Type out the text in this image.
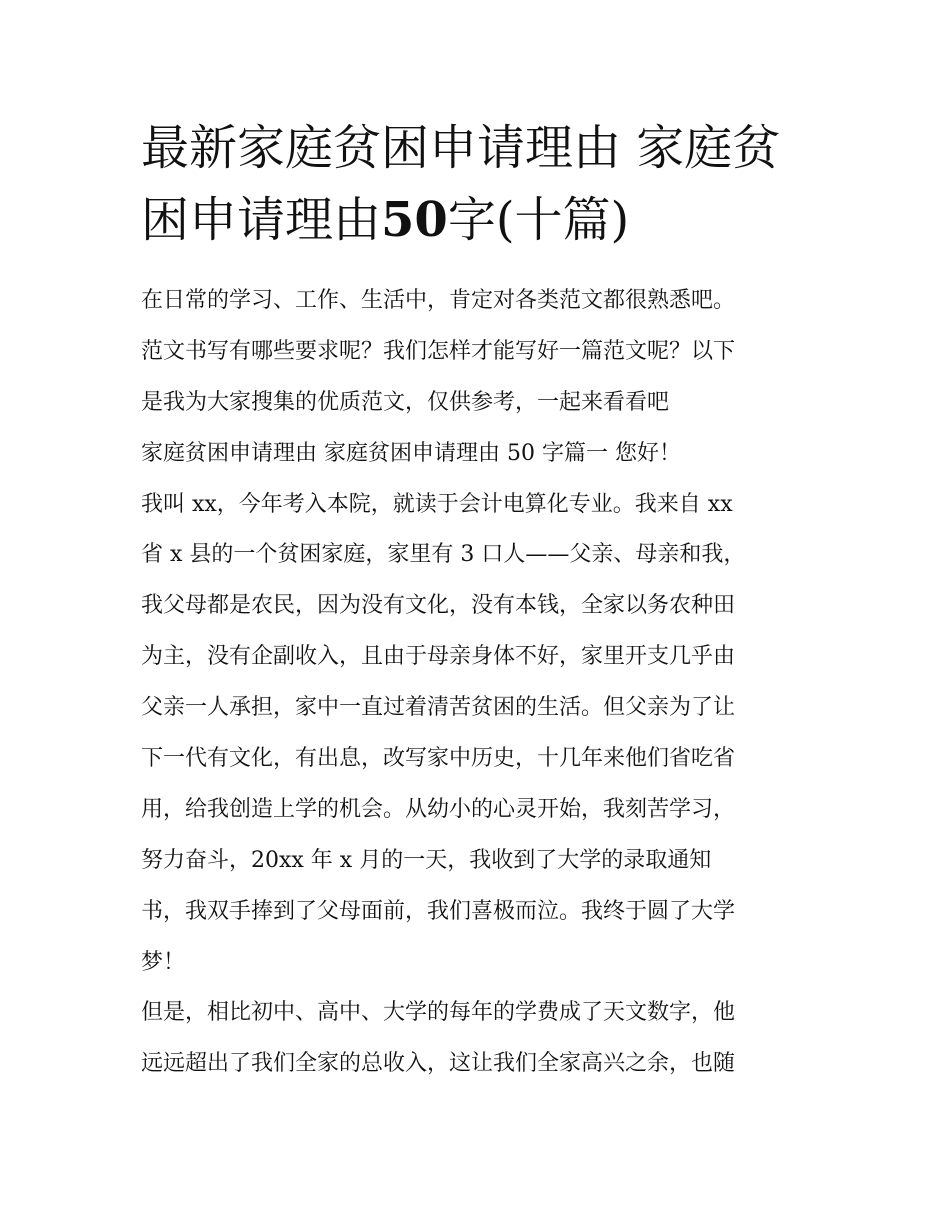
最新家庭贫困申请理由 家庭贫
困申请理由50字(十篇)
在日常的学习、工作、生活中，肯定对各类范文都很熟悉吧。
范文书写有哪些要求呢？我们怎样才能写好一篇范文呢？以下
是我为大家搜集的优质范文，仅供参考，一起来看看吧
家庭贫困申请理由 家庭贫困申请理由 50 字篇一 您好！
我叫 xx，今年考入本院，就读于会计电算化专业。我来自 xx
省 x 县的一个贫困家庭，家里有 3 口人——父亲、母亲和我，
我父母都是农民，因为没有文化，没有本钱，全家以务农种田
为主，没有企副收入，且由于母亲身体不好，家里开支几乎由
父亲一人承担，家中一直过着清苦贫困的生活。但父亲为了让
下一代有文化，有出息，改写家中历史，十几年来他们省吃省
用，给我创造上学的机会。从幼小的心灵开始，我刻苦学习，
努力奋斗，20xx 年 x 月的一天，我收到了大学的录取通知
书，我双手捧到了父母面前，我们喜极而泣。我终于圆了大学
梦！
但是，相比初中、高中、大学的每年的学费成了天文数字，他
远远超出了我们全家的总收入，这让我们全家高兴之余，也随
